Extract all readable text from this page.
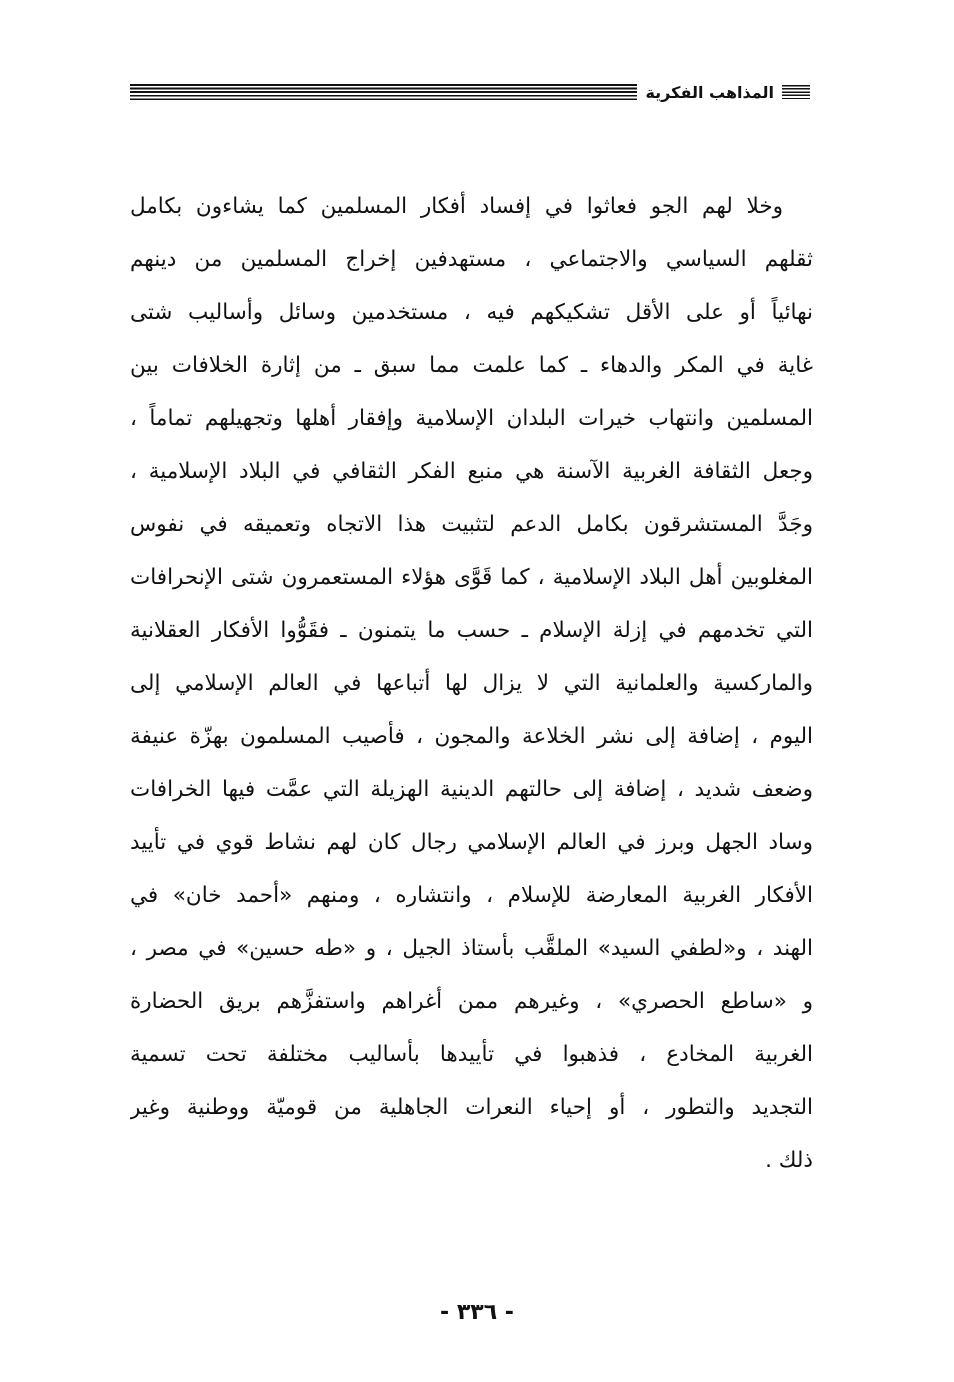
المذاهب الفكرية
وخلا لهم الجو فعاثوا في إفساد أفكار المسلمين كما يشاءون بكامل
ثقلهم السياسي والاجتماعي ، مستهدفين إخراج المسلمين من دينهم
نهائياً أو على الأقل تشكيكهم فيه ، مستخدمين وسائل وأساليب شتى
غاية في المكر والدهاء ـ كما علمت مما سبق ـ من إثارة الخلافات بين
المسلمين وانتهاب خيرات البلدان الإسلامية وإفقار أهلها وتجهيلهم تماماً ،
وجعل الثقافة الغربية الآسنة هي منبع الفكر الثقافي في البلاد الإسلامية ،
وجَدَّ المستشرقون بكامل الدعم لتثبيت هذا الاتجاه وتعميقه في نفوس
المغلوبين أهل البلاد الإسلامية ، كما قَوَّى هؤلاء المستعمرون شتى الإنحرافات
التي تخدمهم في إزلة الإسلام ـ حسب ما يتمنون ـ فقَوُّوا الأفكار العقلانية
والماركسية والعلمانية التي لا يزال لها أتباعها في العالم الإسلامي إلى
اليوم ، إضافة إلى نشر الخلاعة والمجون ، فأصيب المسلمون بهزّة عنيفة
وضعف شديد ، إضافة إلى حالتهم الدينية الهزيلة التي عمَّت فيها الخرافات
وساد الجهل وبرز في العالم الإسلامي رجال كان لهم نشاط قوي في تأييد
الأفكار الغربية المعارضة للإسلام ، وانتشاره ، ومنهم «أحمد خان» في
الهند ، و«لطفي السيد» الملقَّب بأستاذ الجيل ، و «طه حسين» في مصر ،
و «ساطع الحصري» ، وغيرهم ممن أغراهم واستفزَّهم بريق الحضارة
الغربية المخادع ، فذهبوا في تأييدها بأساليب مختلفة تحت تسمية
التجديد والتطور ، أو إحياء النعرات الجاهلية من قوميّة ووطنية وغير
ذلك .
- ٣٣٦ -
